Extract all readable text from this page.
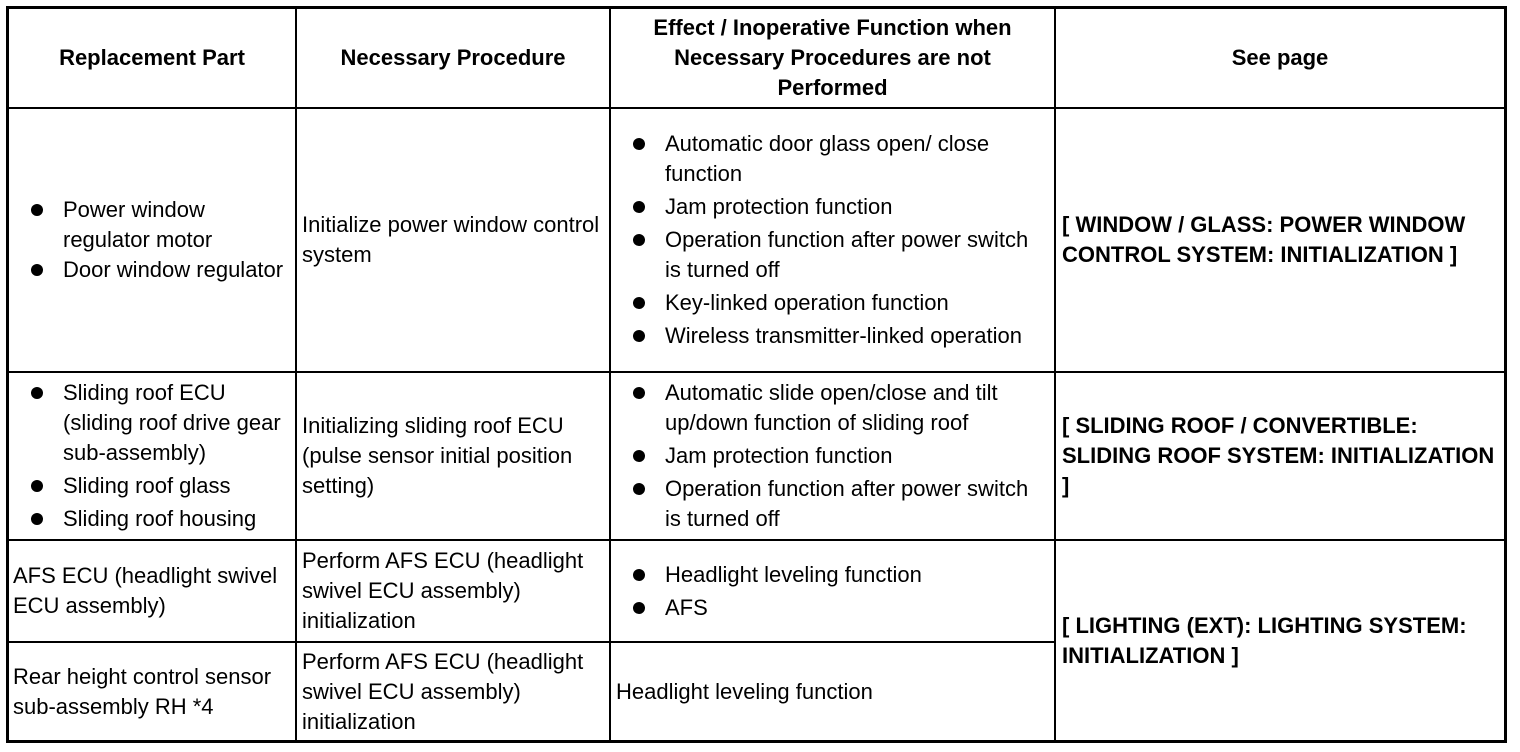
Replacement Part	Necessary Procedure
Effect / Inoperative Function when Necessary Procedures are not Performed
See page
Power window regulator motor
Door window regulator
Initialize power window control system
Automatic door glass open/ close function
Jam protection function
Operation function after power switch is turned off
Key-linked operation function
Wireless transmitter-linked operation
[ WINDOW / GLASS: POWER WINDOW CONTROL SYSTEM: INITIALIZATION ]
Sliding roof ECU (sliding roof drive gear sub-assembly)
Sliding roof glass
Sliding roof housing
Initializing sliding roof ECU (pulse sensor initial position setting)
Automatic slide open/close and tilt up/down function of sliding roof
Jam protection function
Operation function after power switch is turned off
[ SLIDING ROOF / CONVERTIBLE: SLIDING ROOF SYSTEM: INITIALIZATION ]
AFS ECU (headlight swivel ECU assembly)
Perform AFS ECU (headlight swivel ECU assembly) initialization
Headlight leveling function
AFS
Rear height control sensor sub-assembly RH *4
Perform AFS ECU (headlight swivel ECU assembly) initialization
Headlight leveling function
[ LIGHTING (EXT): LIGHTING SYSTEM: INITIALIZATION ]
